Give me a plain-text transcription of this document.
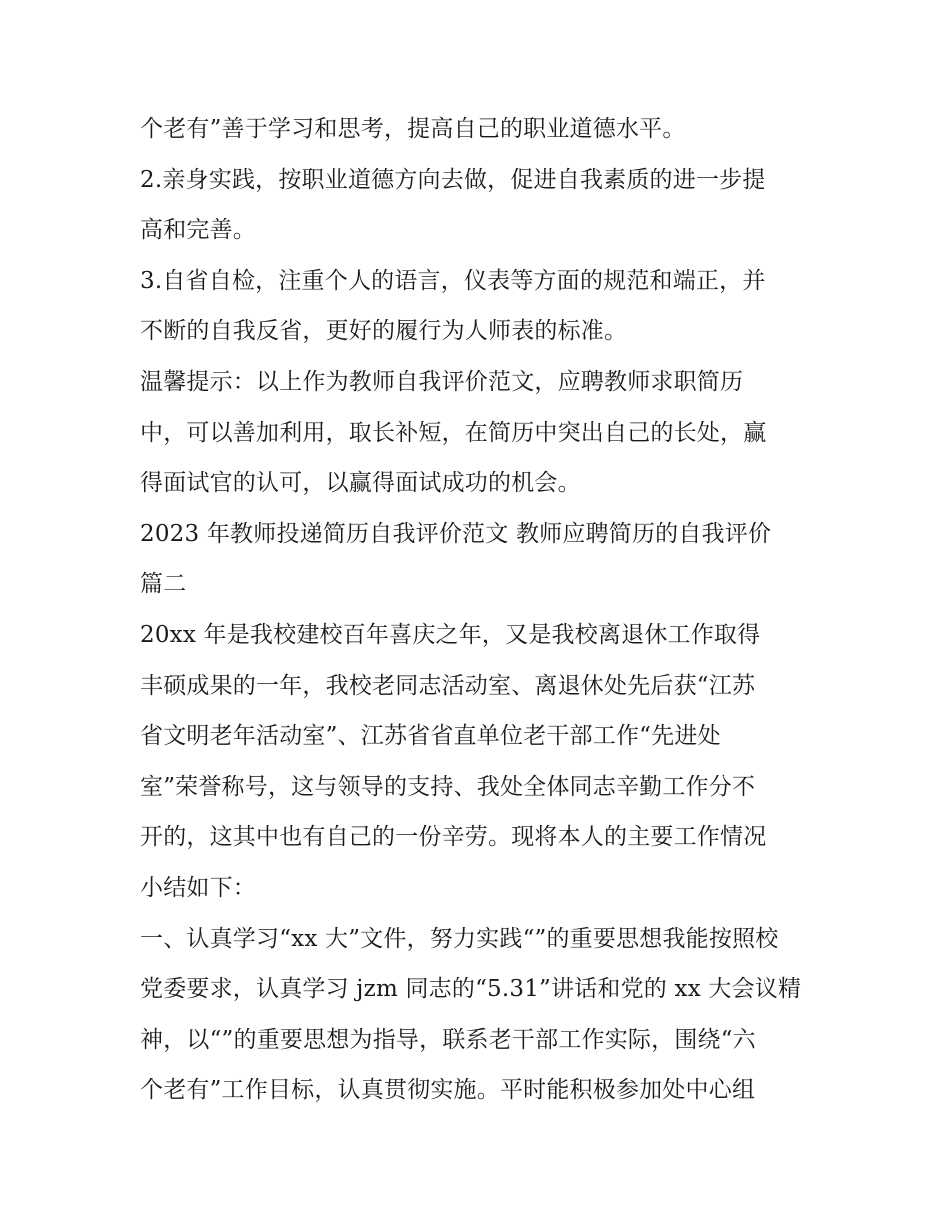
个老有”善于学习和思考，提高自己的职业道德水平。

2.亲身实践，按职业道德方向去做，促进自我素质的进一步提

高和完善。

3.自省自检，注重个人的语言，仪表等方面的规范和端正，并

不断的自我反省，更好的履行为人师表的标准。

温馨提示：以上作为教师自我评价范文，应聘教师求职简历

中，可以善加利用，取长补短，在简历中突出自己的长处，赢

得面试官的认可，以赢得面试成功的机会。

2023 年教师投递简历自我评价范文 教师应聘简历的自我评价

篇二

20xx 年是我校建校百年喜庆之年，又是我校离退休工作取得

丰硕成果的一年，我校老同志活动室、离退休处先后获“江苏

省文明老年活动室”、江苏省省直单位老干部工作“先进处

室”荣誉称号，这与领导的支持、我处全体同志辛勤工作分不

开的，这其中也有自己的一份辛劳。现将本人的主要工作情况

小结如下：

一、认真学习“xx 大”文件，努力实践“”的重要思想我能按照校

党委要求，认真学习 jzm 同志的“5.31”讲话和党的 xx 大会议精

神，以“”的重要思想为指导，联系老干部工作实际，围绕“六

个老有”工作目标，认真贯彻实施。平时能积极参加处中心组
